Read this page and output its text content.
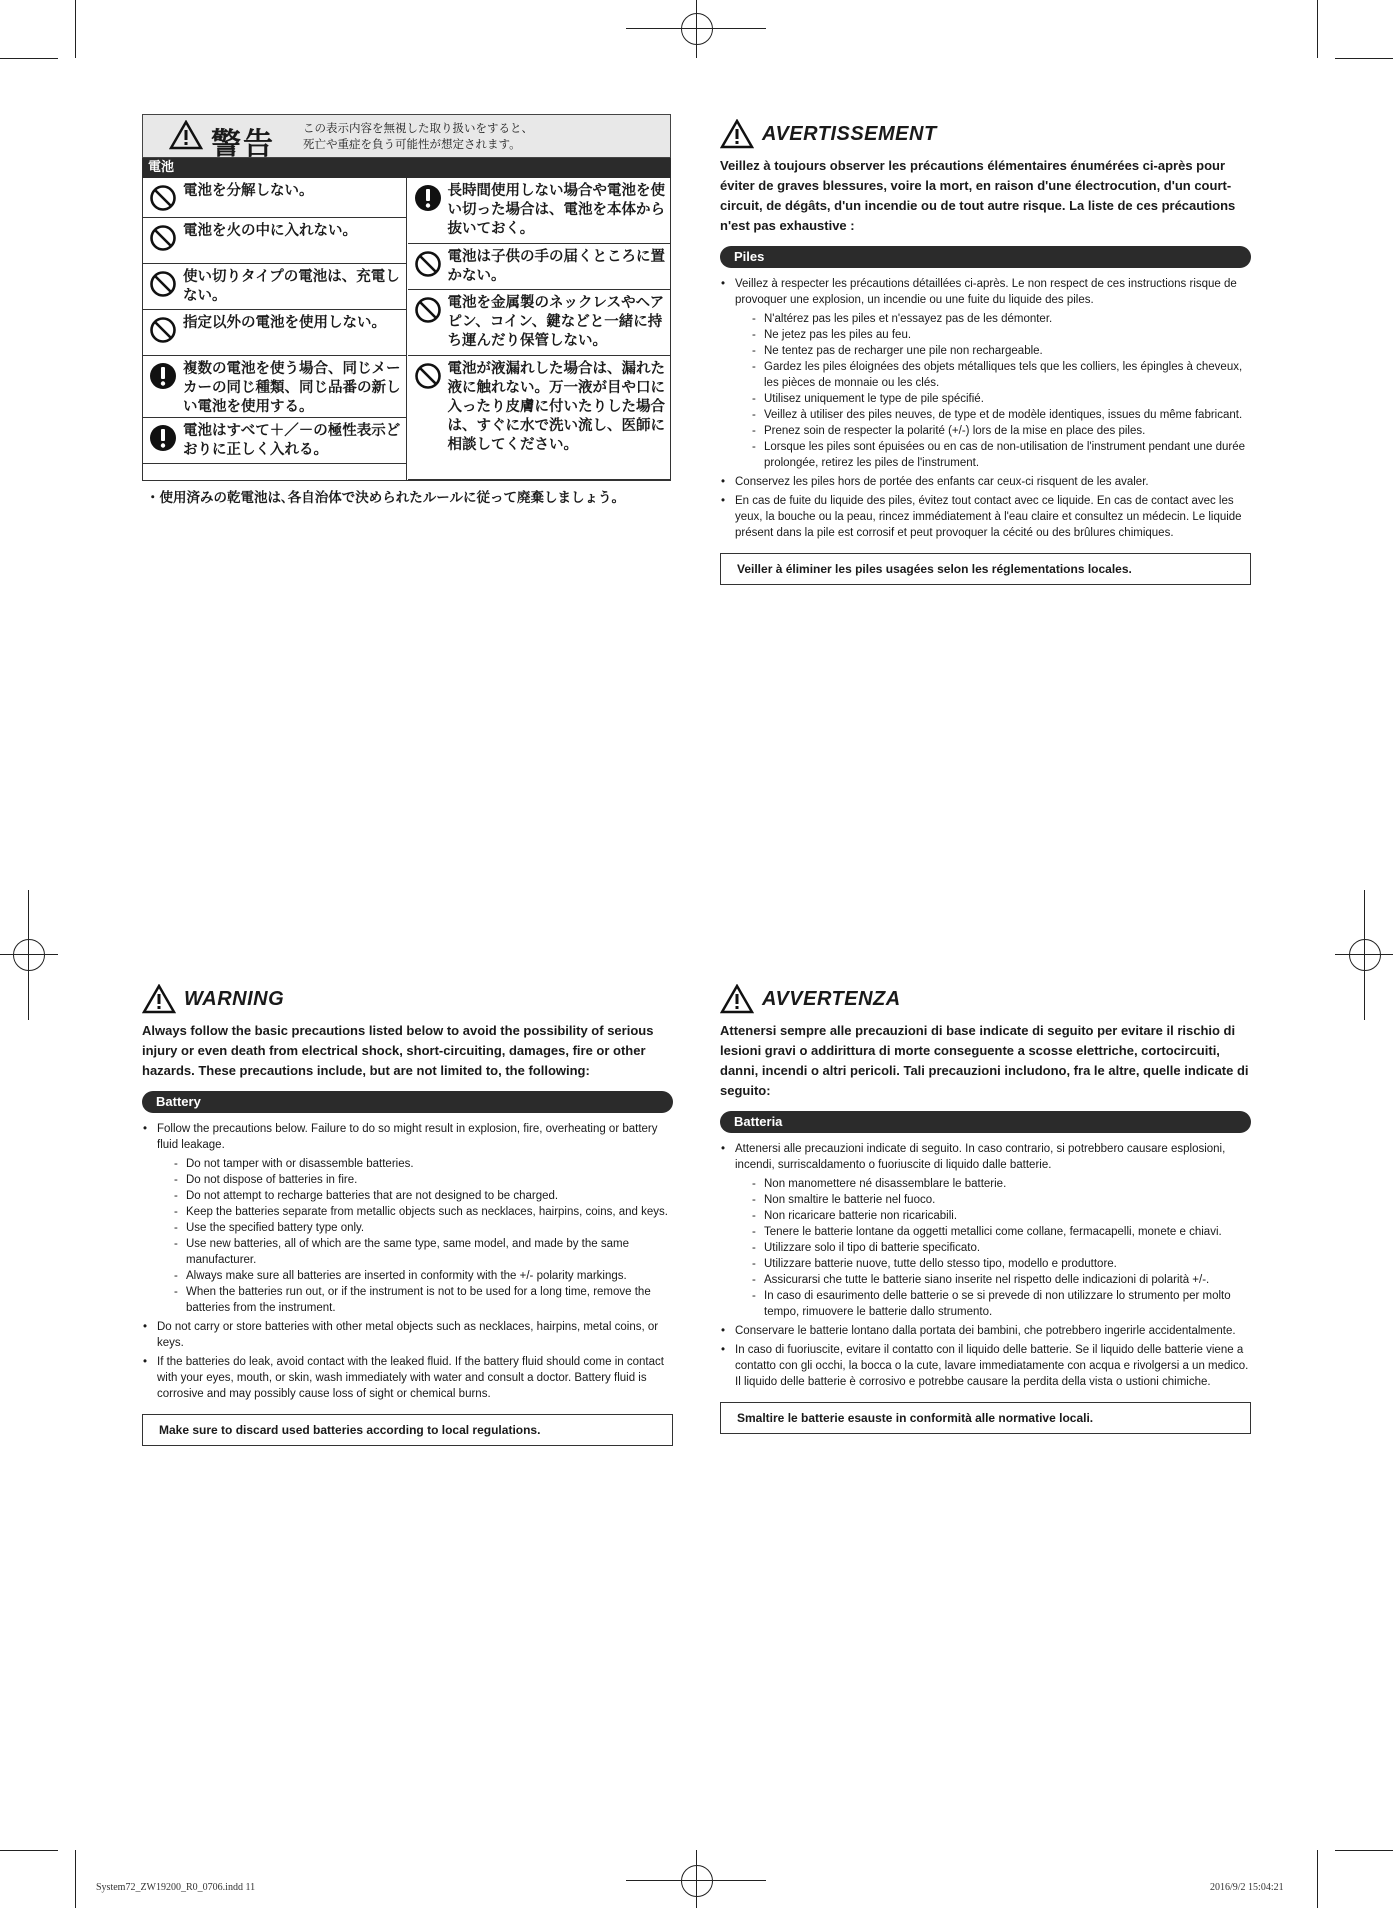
警告 この表示内容を無視した取り扱いをすると、
死亡や重症を負う可能性が想定されます。
電池
電池を分解しない。
電池を火の中に入れない。
使い切りタイプの電池は、充電しない。
指定以外の電池を使用しない。
複数の電池を使う場合、同じメーカーの同じ種類、同じ品番の新しい電池を使用する。
電池はすべて＋／－の極性表示どおりに正しく入れる。
長時間使用しない場合や電池を使い切った場合は、電池を本体から抜いておく。
電池は子供の手の届くところに置かない。
電池を金属製のネックレスやヘアピン、コイン、鍵などと一緒に持ち運んだり保管しない。
電池が液漏れした場合は、漏れた液に触れない。万一液が目や口に入ったり皮膚に付いたりした場合は、すぐに水で洗い流し、医師に相談してください。
・使用済みの乾電池は､各自治体で決められたルールに従って廃棄しましょう。
AVERTISSEMENT
Veillez à toujours observer les précautions élémentaires énumérées ci-après pour éviter de graves blessures, voire la mort, en raison d'une électrocution, d'un court-circuit, de dégâts, d'un incendie ou de tout autre risque. La liste de ces précautions n'est pas exhaustive :
Piles
• Veillez à respecter les précautions détaillées ci-après. Le non respect de ces instructions risque de provoquer une explosion, un incendie ou une fuite du liquide des piles.
- N'altérez pas les piles et n'essayez pas de les démonter.
- Ne jetez pas les piles au feu.
- Ne tentez pas de recharger une pile non rechargeable.
- Gardez les piles éloignées des objets métalliques tels que les colliers, les épingles à cheveux, les pièces de monnaie ou les clés.
- Utilisez uniquement le type de pile spécifié.
- Veillez à utiliser des piles neuves, de type et de modèle identiques, issues du même fabricant.
- Prenez soin de respecter la polarité (+/-) lors de la mise en place des piles.
- Lorsque les piles sont épuisées ou en cas de non-utilisation de l'instrument pendant une durée prolongée, retirez les piles de l'instrument.
• Conservez les piles hors de portée des enfants car ceux-ci risquent de les avaler.
• En cas de fuite du liquide des piles, évitez tout contact avec ce liquide. En cas de contact avec les yeux, la bouche ou la peau, rincez immédiatement à l'eau claire et consultez un médecin. Le liquide présent dans la pile est corrosif et peut provoquer la cécité ou des brûlures chimiques.
Veiller à éliminer les piles usagées selon les réglementations locales.
WARNING
Always follow the basic precautions listed below to avoid the possibility of serious injury or even death from electrical shock, short-circuiting, damages, fire or other hazards. These precautions include, but are not limited to, the following:
Battery
• Follow the precautions below. Failure to do so might result in explosion, fire, overheating or battery fluid leakage.
- Do not tamper with or disassemble batteries.
- Do not dispose of batteries in fire.
- Do not attempt to recharge batteries that are not designed to be charged.
- Keep the batteries separate from metallic objects such as necklaces, hairpins, coins, and keys.
- Use the specified battery type only.
- Use new batteries, all of which are the same type, same model, and made by the same manufacturer.
- Always make sure all batteries are inserted in conformity with the +/- polarity markings.
- When the batteries run out, or if the instrument is not to be used for a long time, remove the batteries from the instrument.
• Do not carry or store batteries with other metal objects such as necklaces, hairpins, metal coins, or keys.
• If the batteries do leak, avoid contact with the leaked fluid. If the battery fluid should come in contact with your eyes, mouth, or skin, wash immediately with water and consult a doctor. Battery fluid is corrosive and may possibly cause loss of sight or chemical burns.
Make sure to discard used batteries according to local regulations.
AVVERTENZA
Attenersi sempre alle precauzioni di base indicate di seguito per evitare il rischio di lesioni gravi o addirittura di morte conseguente a scosse elettriche, cortocircuiti, danni, incendi o altri pericoli. Tali precauzioni includono, fra le altre, quelle indicate di seguito:
Batteria
• Attenersi alle precauzioni indicate di seguito. In caso contrario, si potrebbero causare esplosioni, incendi, surriscaldamento o fuoriuscite di liquido dalle batterie.
- Non manomettere né disassemblare le batterie.
- Non smaltire le batterie nel fuoco.
- Non ricaricare batterie non ricaricabili.
- Tenere le batterie lontane da oggetti metallici come collane, fermacapelli, monete e chiavi.
- Utilizzare solo il tipo di batterie specificato.
- Utilizzare batterie nuove, tutte dello stesso tipo, modello e produttore.
- Assicurarsi che tutte le batterie siano inserite nel rispetto delle indicazioni di polarità +/-.
- In caso di esaurimento delle batterie o se si prevede di non utilizzare lo strumento per molto tempo, rimuovere le batterie dallo strumento.
• Conservare le batterie lontano dalla portata dei bambini, che potrebbero ingerirle accidentalmente.
• In caso di fuoriuscite, evitare il contatto con il liquido delle batterie. Se il liquido delle batterie viene a contatto con gli occhi, la bocca o la cute, lavare immediatamente con acqua e rivolgersi a un medico. Il liquido delle batterie è corrosivo e potrebbe causare la perdita della vista o ustioni chimiche.
Smaltire le batterie esauste in conformità alle normative locali.
System72_ZW19200_R0_0706.indd 11	2016/9/2 15:04:21
